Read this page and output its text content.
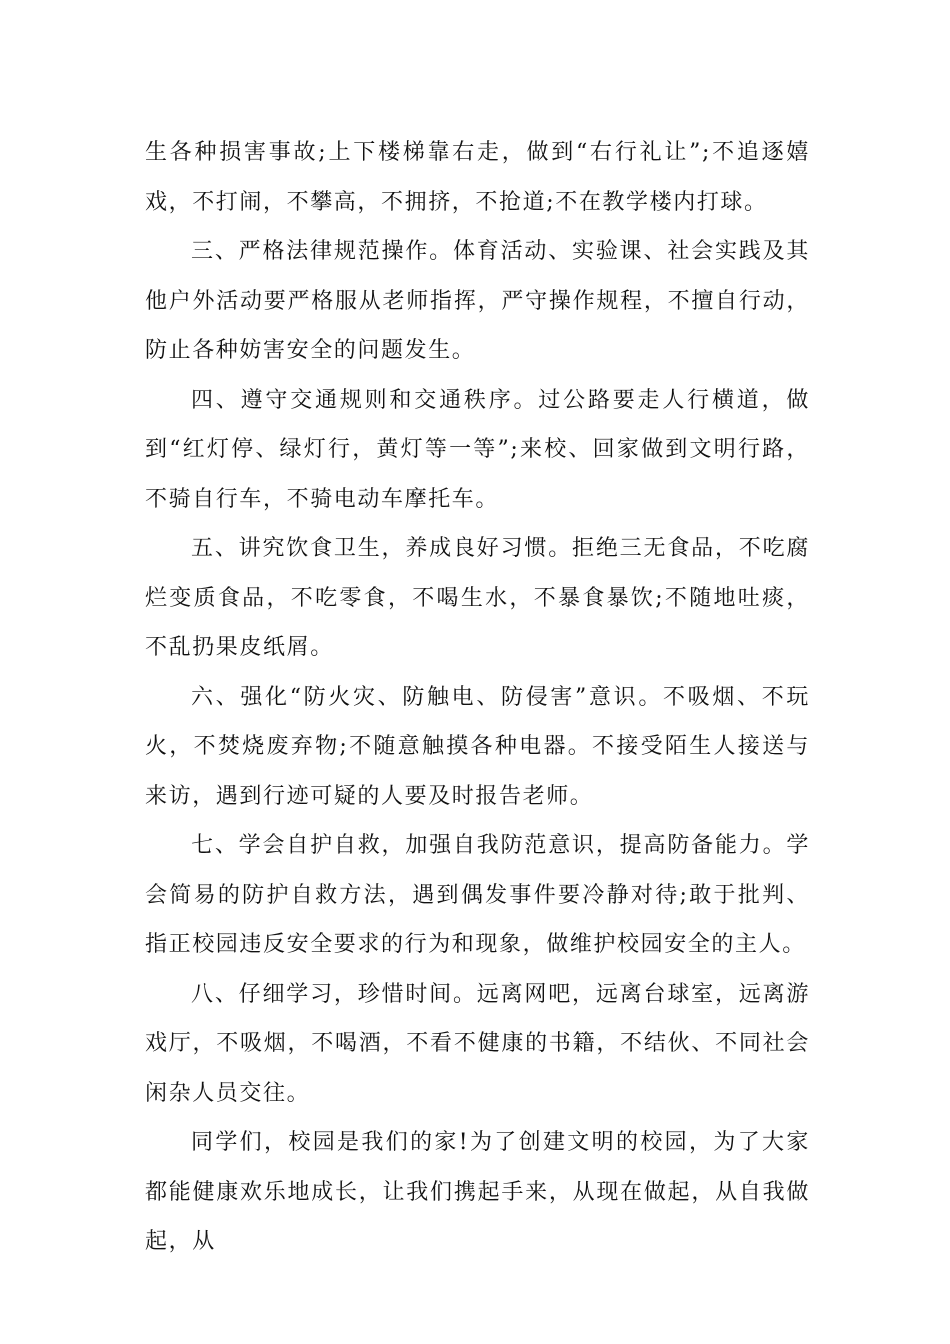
生各种损害事故;上下楼梯靠右走，做到“右行礼让”;不追逐嬉戏，不打闹，不攀高，不拥挤，不抢道;不在教学楼内打球。

三、严格法律规范操作。体育活动、实验课、社会实践及其他户外活动要严格服从老师指挥，严守操作规程，不擅自行动，防止各种妨害安全的问题发生。

四、遵守交通规则和交通秩序。过公路要走人行横道，做到“红灯停、绿灯行，黄灯等一等”;来校、回家做到文明行路，不骑自行车，不骑电动车摩托车。

五、讲究饮食卫生，养成良好习惯。拒绝三无食品，不吃腐烂变质食品，不吃零食，不喝生水，不暴食暴饮;不随地吐痰，不乱扔果皮纸屑。

六、强化“防火灾、防触电、防侵害”意识。不吸烟、不玩火，不焚烧废弃物;不随意触摸各种电器。不接受陌生人接送与来访，遇到行迹可疑的人要及时报告老师。

七、学会自护自救，加强自我防范意识，提高防备能力。学会简易的防护自救方法，遇到偶发事件要冷静对待;敢于批判、指正校园违反安全要求的行为和现象，做维护校园安全的主人。

八、仔细学习，珍惜时间。远离网吧，远离台球室，远离游戏厅，不吸烟，不喝酒，不看不健康的书籍，不结伙、不同社会闲杂人员交往。

同学们，校园是我们的家!为了创建文明的校园，为了大家都能健康欢乐地成长，让我们携起手来，从现在做起，从自我做起，从
